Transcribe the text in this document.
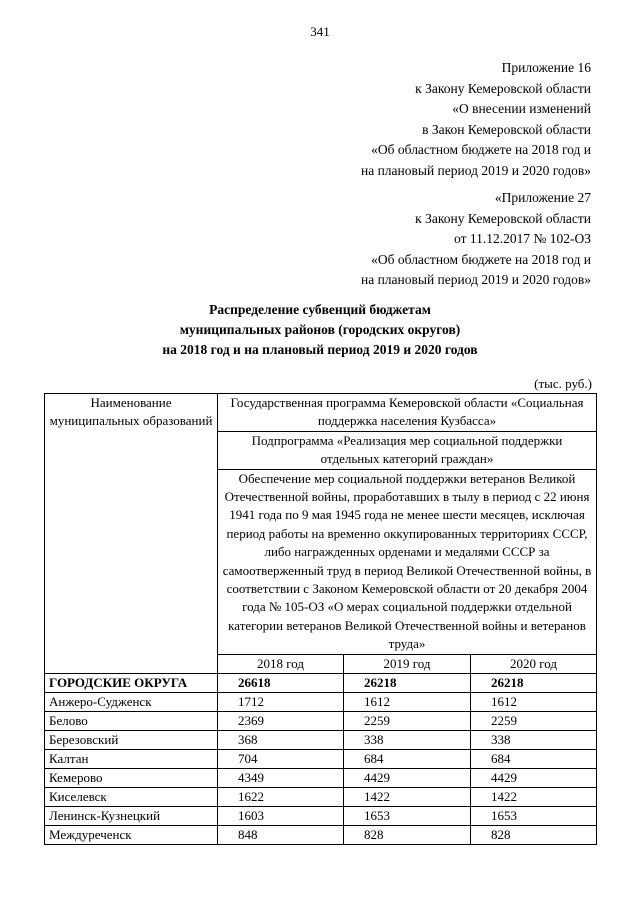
341
Приложение 16
к Закону Кемеровской области
«О внесении изменений
в Закон Кемеровской области
«Об областном бюджете на 2018 год и
на плановый период 2019 и 2020 годов»
«Приложение 27
к Закону Кемеровской области
от 11.12.2017 № 102-ОЗ
«Об областном бюджете на 2018 год и
на плановый период 2019 и 2020 годов»
Распределение субвенций бюджетам
муниципальных районов (городских округов)
на 2018 год и на плановый период 2019 и 2020 годов
(тыс. руб.)
Наименование муниципальных образований	Государственная программа Кемеровской области «Социальная поддержка населения Кузбасса»		
	Подпрограмма «Реализация мер социальной поддержки отдельных категорий граждан»		
	Обеспечение мер социальной поддержки ветеранов Великой Отечественной войны, проработавших в тылу в период с 22 июня 1941 года по 9 мая 1945 года не менее шести месяцев, исключая период работы на временно оккупированных территориях СССР, либо награжденных орденами и медалями СССР за самоотверженный труд в период Великой Отечественной войны, в соответствии с Законом Кемеровской области от 20 декабря 2004 года № 105-ОЗ «О мерах социальной поддержки отдельной категории ветеранов Великой Отечественной войны и ветеранов труда»		
	2018 год	2019 год	2020 год
ГОРОДСКИЕ ОКРУГА	26618	26218	26218
Анжеро-Судженск	1712	1612	1612
Белово	2369	2259	2259
Березовский	368	338	338
Калтан	704	684	684
Кемерово	4349	4429	4429
Киселевск	1622	1422	1422
Ленинск-Кузнецкий	1603	1653	1653
Междуреченск	848	828	828
